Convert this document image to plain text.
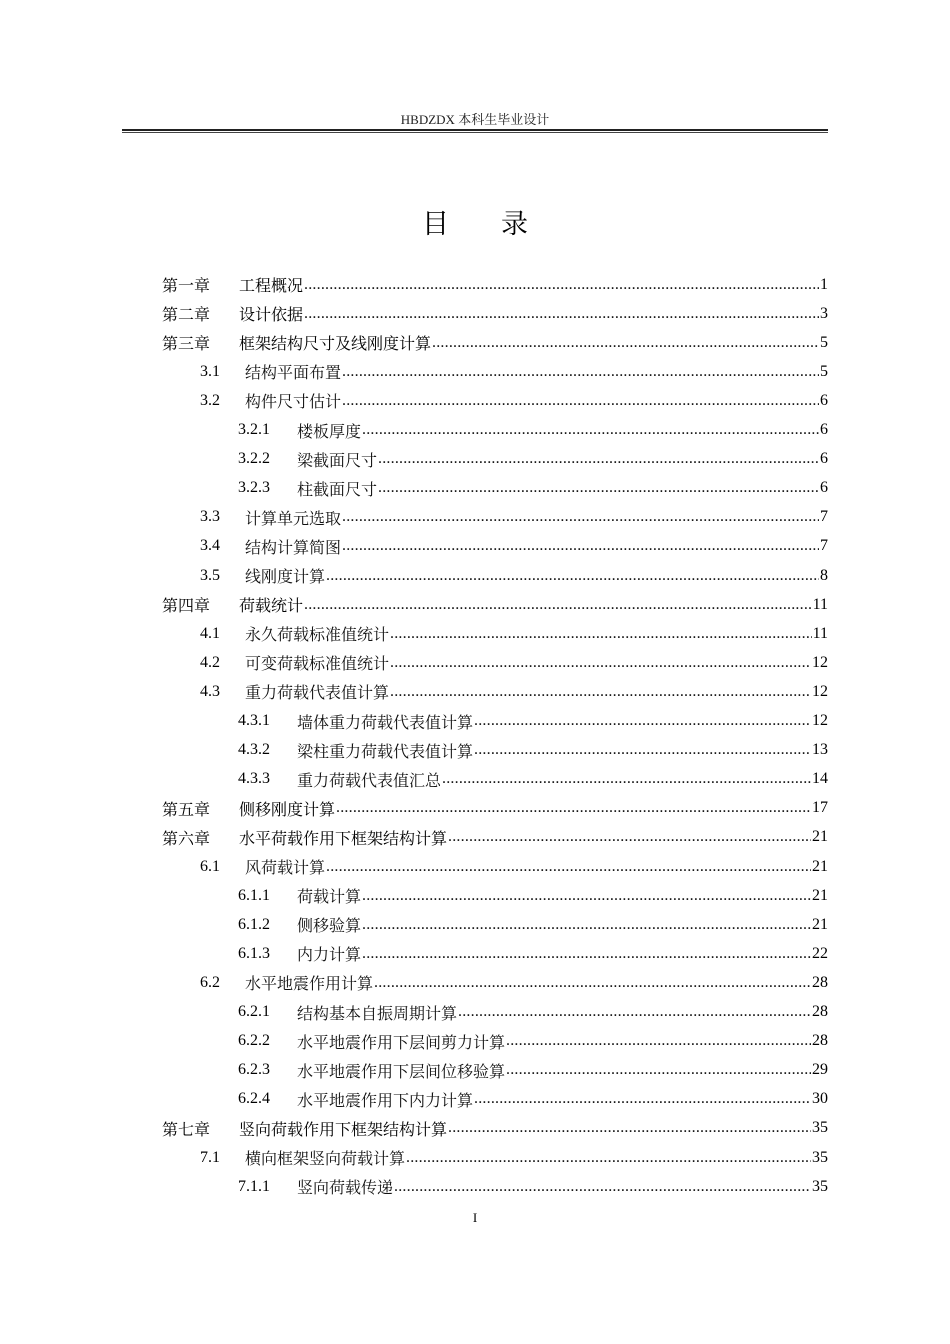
HBDZDX 本科生毕业设计
目录
第一章	工程概况 .....	1
第二章	设计依据 .....	3
第三章	框架结构尺寸及线刚度计算 .....	5
3.1	结构平面布置 .....	5
3.2	构件尺寸估计 .....	6
3.2.1	楼板厚度 .....	6
3.2.2	梁截面尺寸 .....	6
3.2.3	柱截面尺寸 .....	6
3.3	计算单元选取 .....	7
3.4	结构计算简图 .....	7
3.5	线刚度计算 .....	8
第四章	荷载统计 .....	11
4.1	永久荷载标准值统计 .....	11
4.2	可变荷载标准值统计 .....	12
4.3	重力荷载代表值计算 .....	12
4.3.1	墙体重力荷载代表值计算 .....	12
4.3.2	梁柱重力荷载代表值计算 .....	13
4.3.3	重力荷载代表值汇总 .....	14
第五章	侧移刚度计算 .....	17
第六章	水平荷载作用下框架结构计算 .....	21
6.1	风荷载计算 .....	21
6.1.1	荷载计算 .....	21
6.1.2	侧移验算 .....	21
6.1.3	内力计算 .....	22
6.2	水平地震作用计算 .....	28
6.2.1	结构基本自振周期计算 .....	28
6.2.2	水平地震作用下层间剪力计算 .....	28
6.2.3	水平地震作用下层间位移验算 .....	29
6.2.4	水平地震作用下内力计算 .....	30
第七章	竖向荷载作用下框架结构计算 .....	35
7.1	横向框架竖向荷载计算 .....	35
7.1.1	竖向荷载传递 .....	35
I
